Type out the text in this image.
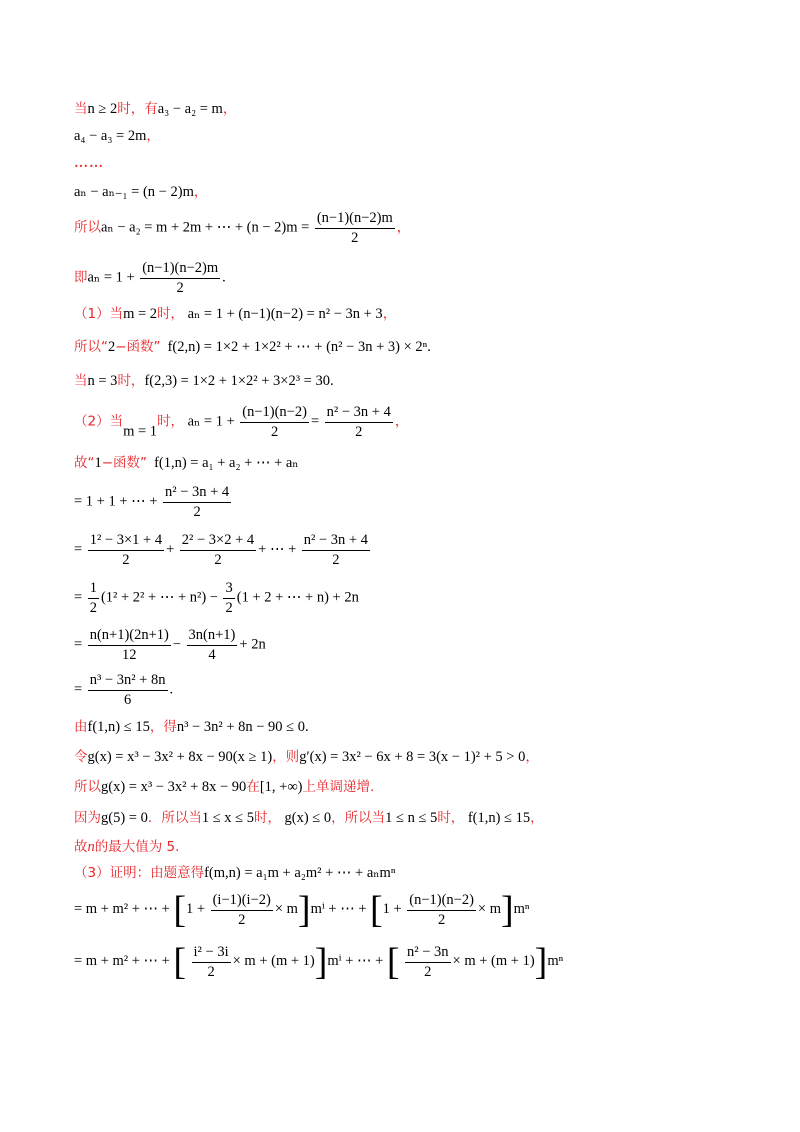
当n ≥ 2时，有a₃ − a₂ = m，
a₄ − a₃ = 2m，
……
aₙ − aₙ₋₁ = (n − 2)m，
所以aₙ − a₂ = m + 2m + ⋯ + $(n - 2)m = \frac{(n-1)(n-2)m}{2}$ ，
即$a_n = 1 + \frac{(n-1)(n-2)m}{2}$ .
（1）当m = 2时， aₙ = 1 + (n−1)(n−2) = n² − 3n + 3，
所以“2−函数” f(2,n) = 1×2 + 1×2² + ⋯ + (n² − 3n + 3) × 2ⁿ.
当n = 3时，f(2,3) = 1×2 + 1×2² + 3×2³ = 30.
（2）当m = 1时， $a_n = 1 + \frac{(n-1)(n-2)}{2} = \frac{\text{n² − 3n + 4}}{2}$ ，
故“1−函数” f(1,n) = a₁ + a₂ + ⋯ + aₙ
= 1 + 1 + ⋯ + $\frac{\text{n² − 3n + 4}}{2}$
= $\frac{\text{1² − 3×1 + 4}}{2} + \frac{\text{2² − 3×2 + 4}}{2}$ + ⋯ + $\frac{\text{n² − 3n + 4}}{2}$
= $\frac{1}{2} (1^2 + 2^2$ + ⋯ + $n^2) - \frac{3}{2} (1 + 2$ + ⋯ + n) + 2n
= $\frac{n(n+1)(2n+1)}{12} - \frac{3n(n+1)}{4} + 2n$
= $\frac{\text{n³ − 3n² + 8n}}{6}$ .
由f(1,n) ≤ 15，得n³ − 3n² + 8n − 90 ≤ 0.
令g(x) = x³ − 3x² + 8x − 90(x ≥ 1)，则g′(x) = 3x² − 6x + 8 = 3(x − 1)² + 5 > 0，
所以g(x) = x³ − 3x² + 8x − 90在[1, +∞)上单调递增.
因为g(5) = 0．所以当1 ≤ x ≤ 5时， g(x) ≤ 0，所以当1 ≤ n ≤ 5时， f(1,n) ≤ 15，
故n的最大值为 5.
（3）证明：由题意得f(m,n) = a₁m + a₂m² + ⋯ + aₙmⁿ
= m + m² + ⋯ + $[1 + \frac{(i-1)(i-2)}{2} \times m]m^i$ + ⋯ + $[1 + \frac{(n-1)(n-2)}{2} \times m]m^n$
= m + m² + ⋯ + [ $\frac{\text{i² − 3i}}{2} \times m + (m + 1)]m^i$ + ⋯ + [ $\frac{\text{n² − 3n}}{2} \times m + (m + 1)]m^n$
